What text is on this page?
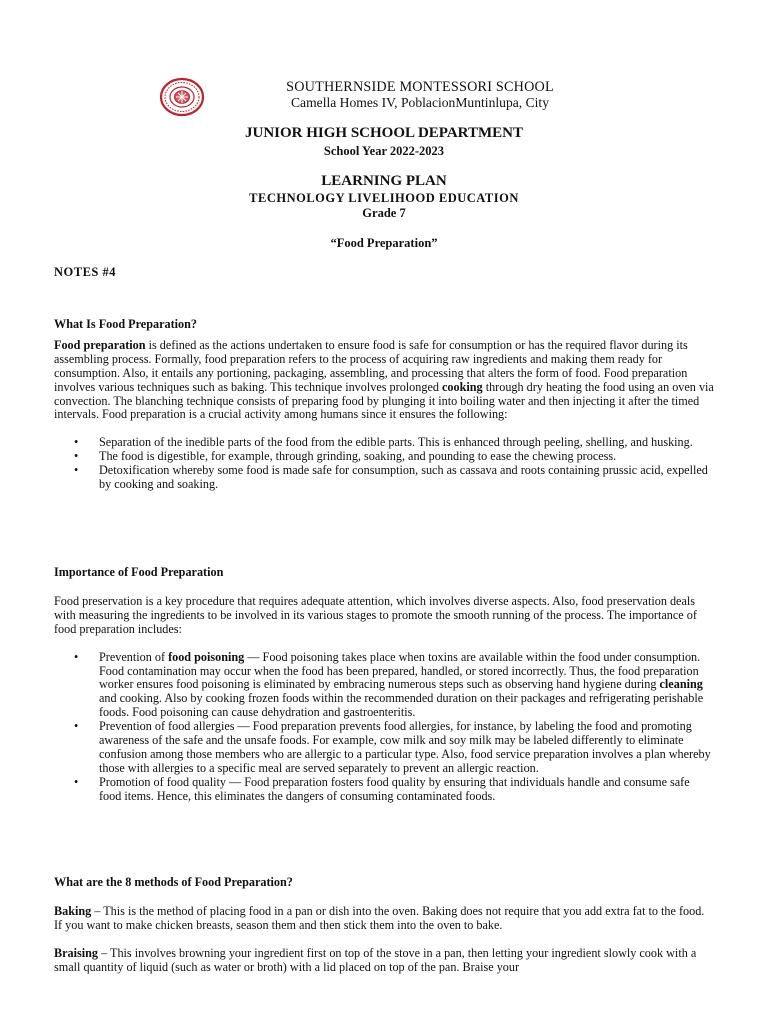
SOUTHERNSIDE MONTESSORI SCHOOL
Camella Homes IV, PoblacionMuntinlupa, City
JUNIOR HIGH SCHOOL DEPARTMENT
School Year 2022-2023
LEARNING PLAN
TECHNOLOGY LIVELIHOOD EDUCATION
Grade 7
“Food Preparation”
NOTES #4

What Is Food Preparation?

Food preparation is defined as the actions undertaken to ensure food is safe for consumption or has the required flavor during its assembling process. Formally, food preparation refers to the process of acquiring raw ingredients and making them ready for consumption. Also, it entails any portioning, packaging, assembling, and processing that alters the form of food. Food preparation involves various techniques such as baking. This technique involves prolonged cooking through dry heating the food using an oven via convection. The blanching technique consists of preparing food by plunging it into boiling water and then injecting it after the timed intervals. Food preparation is a crucial activity among humans since it ensures the following:

• Separation of the inedible parts of the food from the edible parts. This is enhanced through peeling, shelling, and husking.
• The food is digestible, for example, through grinding, soaking, and pounding to ease the chewing process.
• Detoxification whereby some food is made safe for consumption, such as cassava and roots containing prussic acid, expelled by cooking and soaking.

Importance of Food Preparation

Food preservation is a key procedure that requires adequate attention, which involves diverse aspects. Also, food preservation deals with measuring the ingredients to be involved in its various stages to promote the smooth running of the process. The importance of food preparation includes:

• Prevention of food poisoning — Food poisoning takes place when toxins are available within the food under consumption. Food contamination may occur when the food has been prepared, handled, or stored incorrectly. Thus, the food preparation worker ensures food poisoning is eliminated by embracing numerous steps such as observing hand hygiene during cleaning and cooking. Also by cooking frozen foods within the recommended duration on their packages and refrigerating perishable foods. Food poisoning can cause dehydration and gastroenteritis.
• Prevention of food allergies — Food preparation prevents food allergies, for instance, by labeling the food and promoting awareness of the safe and the unsafe foods. For example, cow milk and soy milk may be labeled differently to eliminate confusion among those members who are allergic to a particular type. Also, food service preparation involves a plan whereby those with allergies to a specific meal are served separately to prevent an allergic reaction.
• Promotion of food quality — Food preparation fosters food quality by ensuring that individuals handle and consume safe food items. Hence, this eliminates the dangers of consuming contaminated foods.

What are the 8 methods of Food Preparation?

Baking – This is the method of placing food in a pan or dish into the oven. Baking does not require that you add extra fat to the food. If you want to make chicken breasts, season them and then stick them into the oven to bake.

Braising – This involves browning your ingredient first on top of the stove in a pan, then letting your ingredient slowly cook with a small quantity of liquid (such as water or broth) with a lid placed on top of the pan. Braise your
